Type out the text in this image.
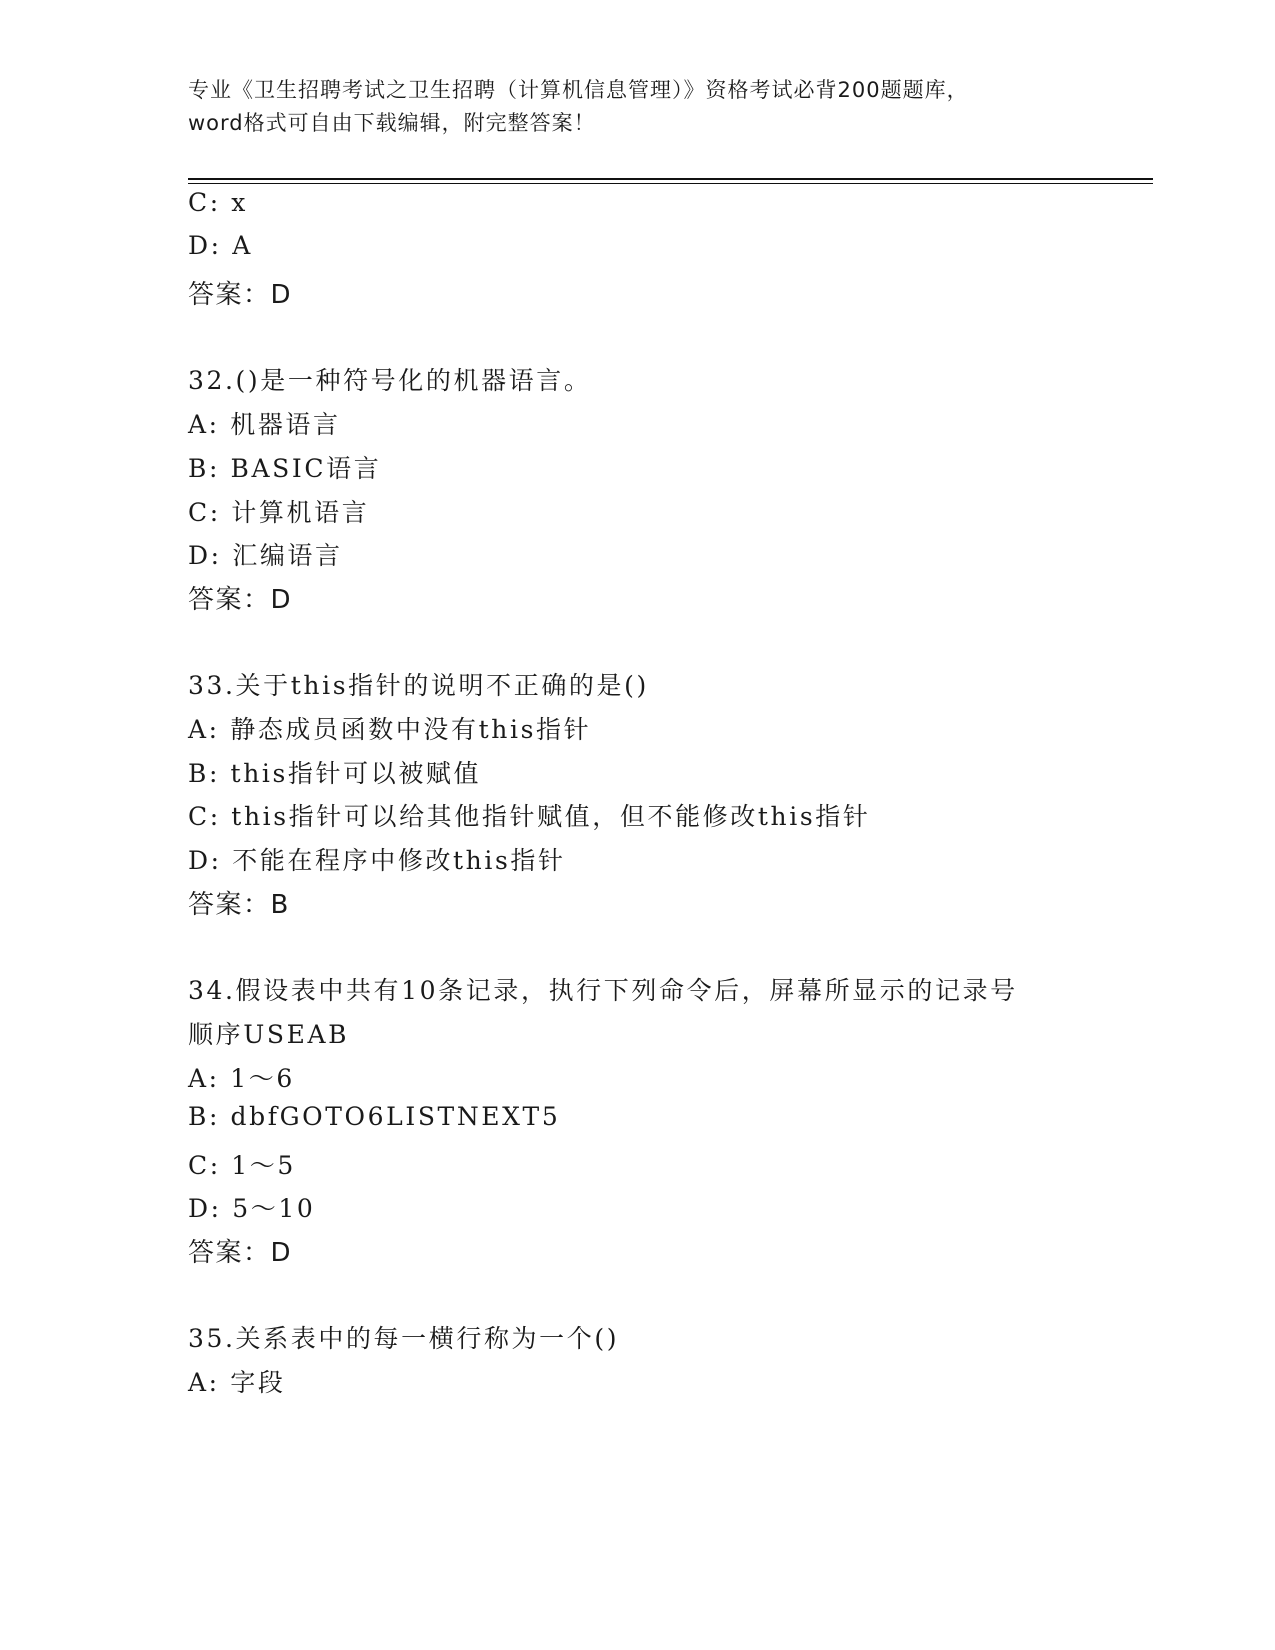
专业《卫生招聘考试之卫生招聘（计算机信息管理）》资格考试必背200题题库，
word格式可自由下载编辑，附完整答案！
C: x
D: A
答案：D
32.()是一种符号化的机器语言。
A: 机器语言
B: BASIC语言
C: 计算机语言
D: 汇编语言
答案：D
33.关于this指针的说明不正确的是()
A: 静态成员函数中没有this指针
B: this指针可以被赋值
C: this指针可以给其他指针赋值，但不能修改this指针
D: 不能在程序中修改this指针
答案：B
34.假设表中共有10条记录，执行下列命令后，屏幕所显示的记录号
顺序USEAB
A: 1～6
B: dbfGOTO6LISTNEXT5
C: 1～5
D: 5～10
答案：D
35.关系表中的每一横行称为一个()
A: 字段
